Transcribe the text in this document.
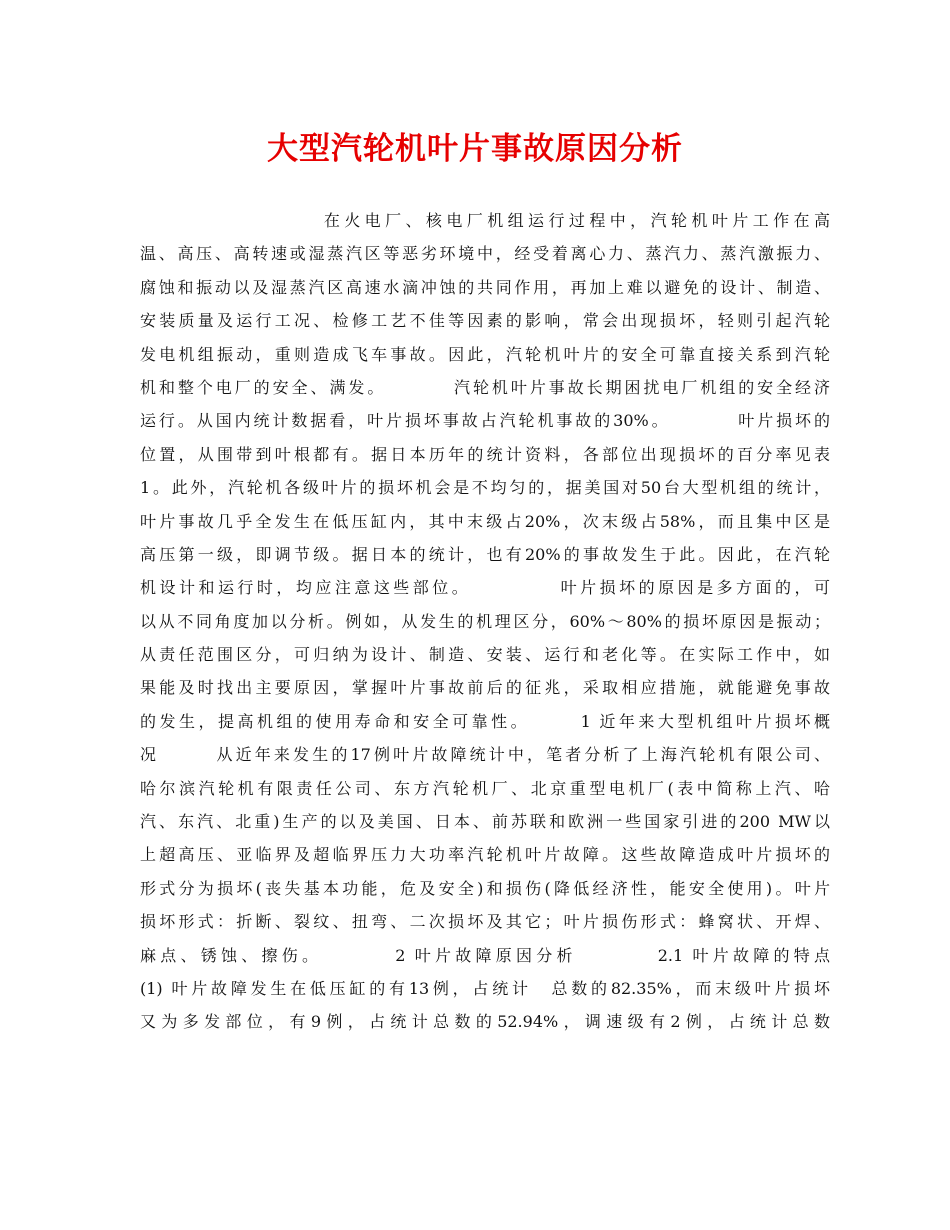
大型汽轮机叶片事故原因分析
　　　　　　　　　在火电厂、核电厂机组运行过程中，汽轮机叶片工作在高
温、高压、高转速或湿蒸汽区等恶劣环境中，经受着离心力、蒸汽力、蒸汽激振力、
腐蚀和振动以及湿蒸汽区高速水滴冲蚀的共同作用，再加上难以避免的设计、制造、
安装质量及运行工况、检修工艺不佳等因素的影响，常会出现损坏，轻则引起汽轮
发电机组振动，重则造成飞车事故。因此，汽轮机叶片的安全可靠直接关系到汽轮
机和整个电厂的安全、满发。　　　　汽轮机叶片事故长期困扰电厂机组的安全经济
运行。从国内统计数据看，叶片损坏事故占汽轮机事故的30%。　　　　叶片损坏的
位置，从围带到叶根都有。据日本历年的统计资料，各部位出现损坏的百分率见表
1。此外，汽轮机各级叶片的损坏机会是不均匀的，据美国对50台大型机组的统计，
叶片事故几乎全发生在低压缸内，其中末级占20%，次末级占58%，而且集中区是
高压第一级，即调节级。据日本的统计，也有20%的事故发生于此。因此，在汽轮
机设计和运行时，均应注意这些部位。　　　　　叶片损坏的原因是多方面的，可
以从不同角度加以分析。例如，从发生的机理区分，60%～80%的损坏原因是振动；
从责任范围区分，可归纳为设计、制造、安装、运行和老化等。在实际工作中，如
果能及时找出主要原因，掌握叶片事故前后的征兆，采取相应措施，就能避免事故
的发生，提高机组的使用寿命和安全可靠性。　　　1 近年来大型机组叶片损坏概
况　　　从近年来发生的17例叶片故障统计中，笔者分析了上海汽轮机有限公司、
哈尔滨汽轮机有限责任公司、东方汽轮机厂、北京重型电机厂(表中简称上汽、哈
汽、东汽、北重)生产的以及美国、日本、前苏联和欧洲一些国家引进的200 MW以
上超高压、亚临界及超临界压力大功率汽轮机叶片故障。这些故障造成叶片损坏的
形式分为损坏(丧失基本功能，危及安全)和损伤(降低经济性，能安全使用)。叶片
损坏形式：折断、裂纹、扭弯、二次损坏及其它；叶片损伤形式：蜂窝状、开焊、
麻点、锈蚀、擦伤。　　　　2 叶片故障原因分析　　　　2.1 叶片故障的特点
(1) 叶片故障发生在低压缸的有13例，占统计　总数的82.35%，而末级叶片损坏
又为多发部位，有9例，占统计总数的52.94%，调速级有2例，占统计总数
